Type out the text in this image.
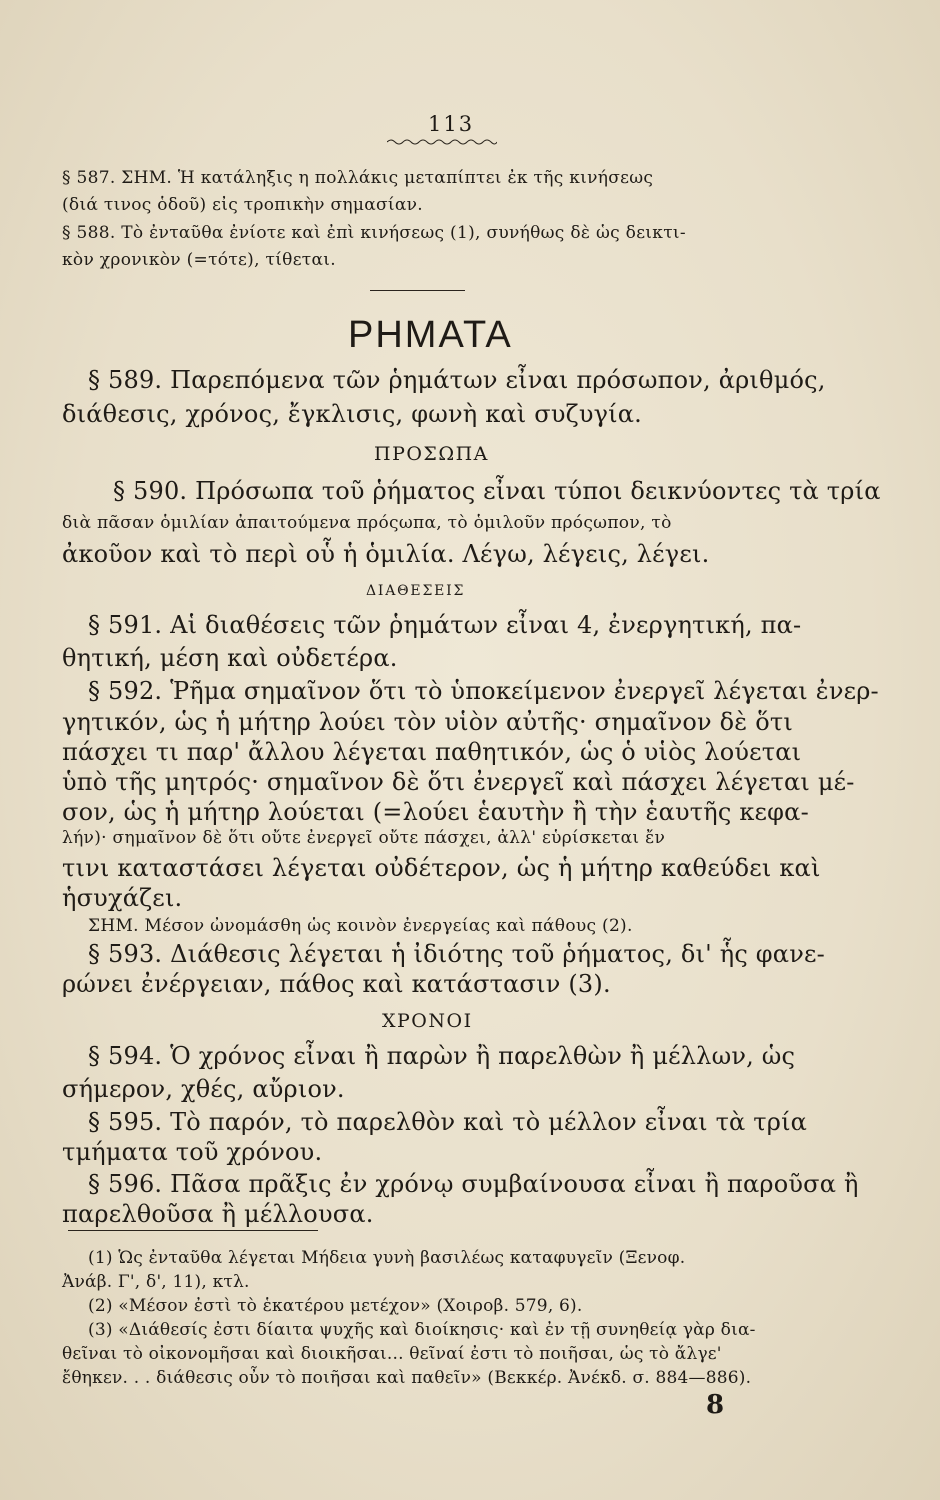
113
§ 587. ΣΗΜ. Ἡ κατάληξις η πολλάκις μεταπίπτει ἐκ τῆς κινήσεως
(διά τινος ὁδοῦ) εἰς τροπικὴν σημασίαν.
§ 588. Τὸ ἐνταῦθα ἐνίοτε καὶ ἐπὶ κινήσεως (1), συνήθως δὲ ὡς δεικτι-
κὸν χρονικὸν (=τότε), τίθεται.
ΡΗΜΑΤΑ
§ 589. Παρεπόμενα τῶν ῥημάτων εἶναι πρόσωπον, ἀριθμός,
διάθεσις, χρόνος, ἔγκλισις, φωνὴ καὶ συζυγία.
ΠΡΟΣΩΠΑ
§ 590. Πρόσωπα τοῦ ῥήματος εἶναι τύποι δεικνύοντες τὰ τρία
διὰ πᾶσαν ὁμιλίαν ἀπαιτούμενα πρόςωπα, τὸ ὁμιλοῦν πρόςωπον, τὸ
ἀκοῦον καὶ τὸ περὶ οὗ ἡ ὁμιλία. Λέγω, λέγεις, λέγει.
ΔΙΑΘΕΣΕΙΣ
§ 591. Αἱ διαθέσεις τῶν ῥημάτων εἶναι 4, ἐνεργητική, πα-
θητική, μέση καὶ οὐδετέρα.
§ 592. Ῥῆμα σημαῖνον ὅτι τὸ ὑποκείμενον ἐνεργεῖ λέγεται ἐνερ-
γητικόν, ὡς ἡ μήτηρ λούει τὸν υἱὸν αὐτῆς· σημαῖνον δὲ ὅτι
πάσχει τι παρ' ἄλλου λέγεται παθητικόν, ὡς ὁ υἱὸς λούεται
ὑπὸ τῆς μητρός· σημαῖνον δὲ ὅτι ἐνεργεῖ καὶ πάσχει λέγεται μέ-
σον, ὡς ἡ μήτηρ λούεται (=λούει ἑαυτὴν ἢ τὴν ἑαυτῆς κεφα-
λήν)· σημαῖνον δὲ ὅτι οὔτε ἐνεργεῖ οὔτε πάσχει, ἀλλ' εὑρίσκεται ἔν
τινι καταστάσει λέγεται οὐδέτερον, ὡς ἡ μήτηρ καθεύδει καὶ
ἡσυχάζει.
ΣΗΜ. Μέσον ὠνομάσθη ὡς κοινὸν ἐνεργείας καὶ πάθους (2).
§ 593. Διάθεσις λέγεται ἡ ἰδιότης τοῦ ῥήματος, δι' ἧς φανε-
ρώνει ἐνέργειαν, πάθος καὶ κατάστασιν (3).
ΧΡΟΝΟΙ
§ 594. Ὁ χρόνος εἶναι ἢ παρὼν ἢ παρελθὼν ἢ μέλλων, ὡς
σήμερον, χθές, αὔριον.
§ 595. Τὸ παρόν, τὸ παρελθὸν καὶ τὸ μέλλον εἶναι τὰ τρία
τμήματα τοῦ χρόνου.
§ 596. Πᾶσα πρᾶξις ἐν χρόνῳ συμβαίνουσα εἶναι ἢ παροῦσα ἢ
παρελθοῦσα ἢ μέλλουσα.
(1) Ὡς ἐνταῦθα λέγεται Μήδεια γυνὴ βασιλέως καταφυγεῖν (Ξενοφ.
Ἀνάβ. Γ', δ', 11), κτλ.
(2) «Μέσον ἐστὶ τὸ ἑκατέρου μετέχον» (Χοιροβ. 579, 6).
(3) «Διάθεσίς ἐστι δίαιτα ψυχῆς καὶ διοίκησις· καὶ ἐν τῇ συνηθείᾳ γὰρ δια-
θεῖναι τὸ οἰκονομῆσαι καὶ διοικῆσαι... θεῖναί ἐστι τὸ ποιῆσαι, ὡς τὸ ἄλγε'
ἔθηκεν. . . διάθεσις οὖν τὸ ποιῆσαι καὶ παθεῖν» (Βεκκέρ. Ἀνέκδ. σ. 884—886).
8
